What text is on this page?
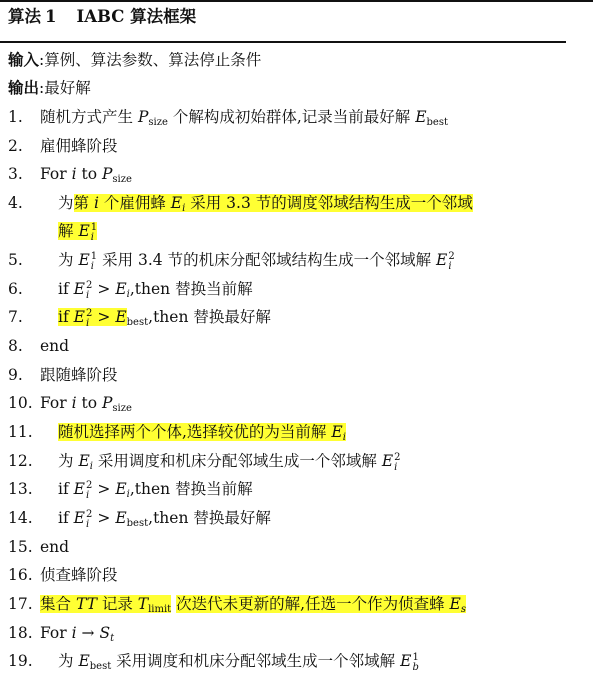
算法 1 IABC 算法框架
输入:算例、算法参数、算法停止条件
输出:最好解
1. 随机方式产生 $P_{size}$ 个解构成初始群体,记录当前最好解 $E_{best}$
2. 雇佣蜂阶段
3. For i to $P_{size}$
4. 为第 i 个雇佣蜂 Ei 采用 3.3 节的调度邻域结构生成一个邻域
解 E 1
i
5. 为 E 1
i 采用 3.4 节的机床分配邻域结构生成一个邻域解 E 2
i
6. if E 2
i > Ei,then 替换当前解
7. if E 2
$i > E_{best},then$ 替换最好解
8. end
9. 跟随蜂阶段
10. For i to $P_{size}$
11. 随机选择两个个体,选择较优的为当前解 Ei
12. 为 Ei 采用调度和机床分配邻域生成一个邻域解 E 2
i
13. if E 2
i > Ei,then 替换当前解
14. if E 2
$i > E_{best},then$ 替换最好解
15. end
16. 侦查蜂阶段
17. 集合 TT 记录 $T_{limit}$ 次迭代未更新的解,任选一个作为侦查蜂 Es
18. For i → St
19. 为 $E_{best}$ 采用调度和机床分配邻域生成一个邻域解 E 1
b
